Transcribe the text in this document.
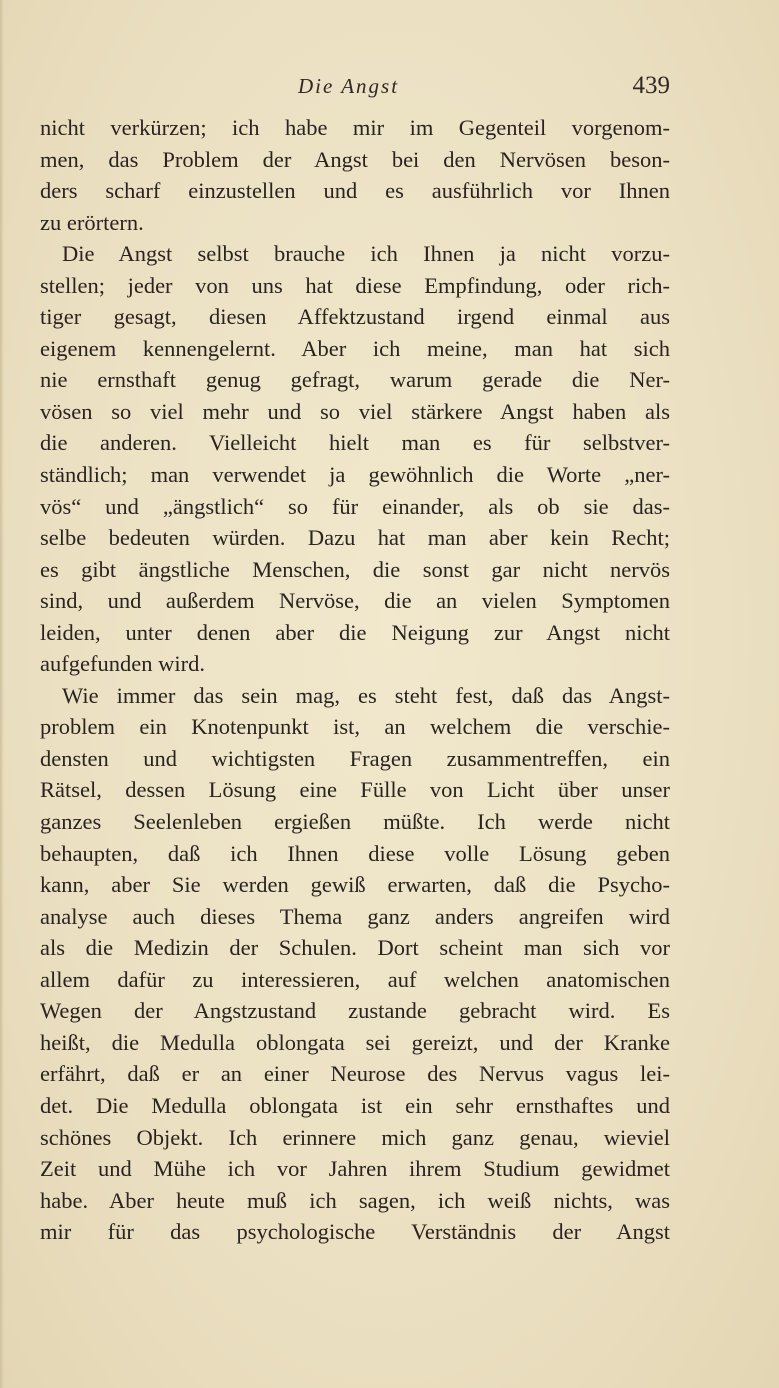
Die Angst	439
nicht verkürzen; ich habe mir im Gegenteil vorgenom-
men, das Problem der Angst bei den Nervösen beson-
ders scharf einzustellen und es ausführlich vor Ihnen
zu erörtern.
Die Angst selbst brauche ich Ihnen ja nicht vorzu-
stellen; jeder von uns hat diese Empfindung, oder rich-
tiger gesagt, diesen Affektzustand irgend einmal aus
eigenem kennengelernt. Aber ich meine, man hat sich
nie ernsthaft genug gefragt, warum gerade die Ner-
vösen so viel mehr und so viel stärkere Angst haben als
die anderen. Vielleicht hielt man es für selbstver-
ständlich; man verwendet ja gewöhnlich die Worte „ner-
vös“ und „ängstlich“ so für einander, als ob sie das-
selbe bedeuten würden. Dazu hat man aber kein Recht;
es gibt ängstliche Menschen, die sonst gar nicht nervös
sind, und außerdem Nervöse, die an vielen Symptomen
leiden, unter denen aber die Neigung zur Angst nicht
aufgefunden wird.
Wie immer das sein mag, es steht fest, daß das Angst-
problem ein Knotenpunkt ist, an welchem die verschie-
densten und wichtigsten Fragen zusammentreffen, ein
Rätsel, dessen Lösung eine Fülle von Licht über unser
ganzes Seelenleben ergießen müßte. Ich werde nicht
behaupten, daß ich Ihnen diese volle Lösung geben
kann, aber Sie werden gewiß erwarten, daß die Psycho-
analyse auch dieses Thema ganz anders angreifen wird
als die Medizin der Schulen. Dort scheint man sich vor
allem dafür zu interessieren, auf welchen anatomischen
Wegen der Angstzustand zustande gebracht wird. Es
heißt, die Medulla oblongata sei gereizt, und der Kranke
erfährt, daß er an einer Neurose des Nervus vagus lei-
det. Die Medulla oblongata ist ein sehr ernsthaftes und
schönes Objekt. Ich erinnere mich ganz genau, wieviel
Zeit und Mühe ich vor Jahren ihrem Studium gewidmet
habe. Aber heute muß ich sagen, ich weiß nichts, was
mir für das psychologische Verständnis der Angst
